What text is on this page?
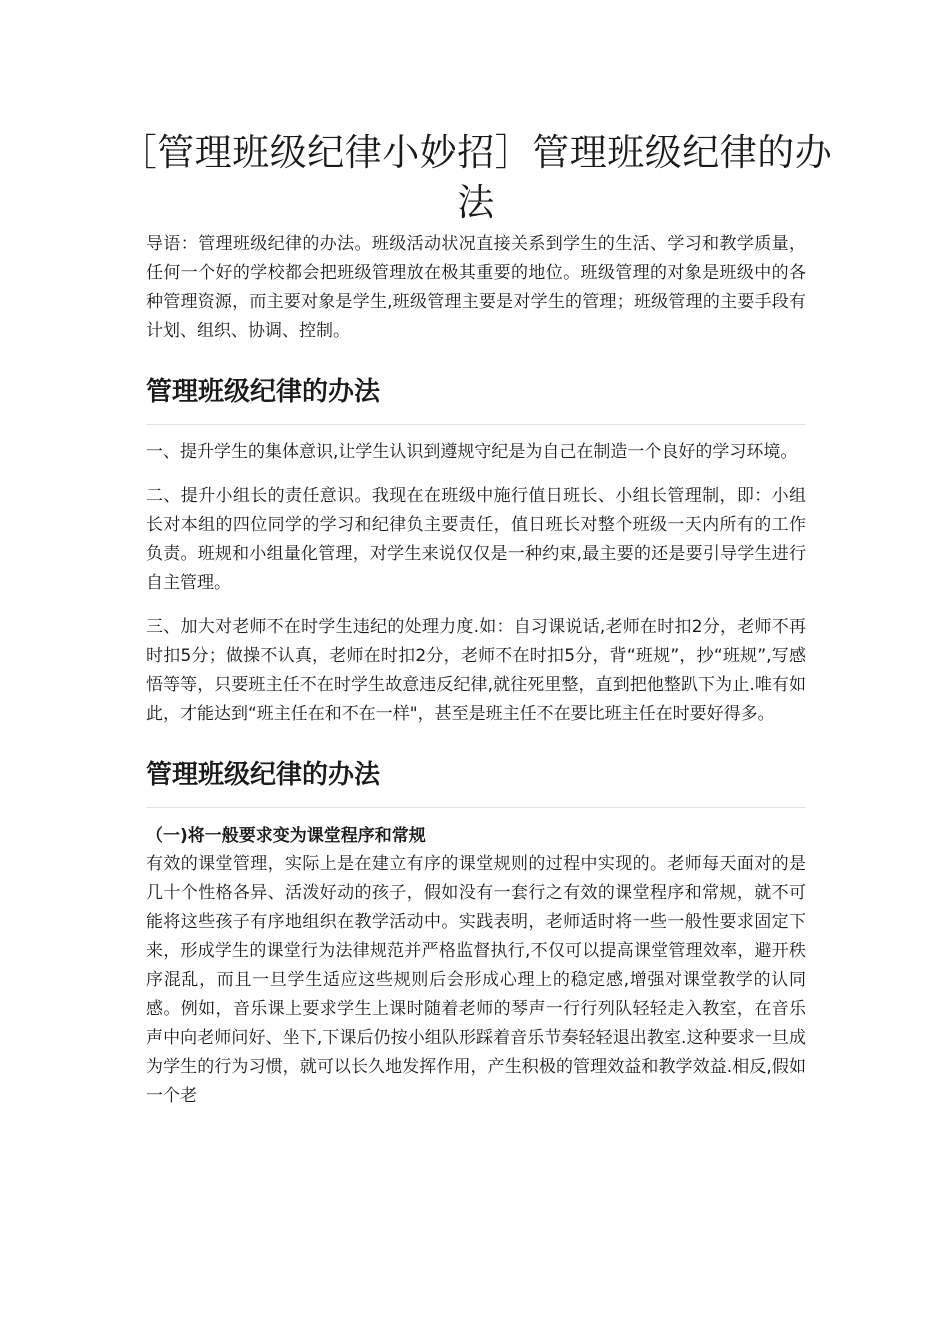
［管理班级纪律小妙招］管理班级纪律的办法

导语：管理班级纪律的办法。班级活动状况直接关系到学生的生活、学习和教学质量，任何一个好的学校都会把班级管理放在极其重要的地位。班级管理的对象是班级中的各种管理资源，而主要对象是学生,班级管理主要是对学生的管理；班级管理的主要手段有计划、组织、协调、控制。

管理班级纪律的办法

一、提升学生的集体意识,让学生认识到遵规守纪是为自己在制造一个良好的学习环境。

二、提升小组长的责任意识。我现在在班级中施行值日班长、小组长管理制，即：小组长对本组的四位同学的学习和纪律负主要责任，值日班长对整个班级一天内所有的工作负责。班规和小组量化管理，对学生来说仅仅是一种约束,最主要的还是要引导学生进行自主管理。

三、加大对老师不在时学生违纪的处理力度.如：自习课说话,老师在时扣2分，老师不再时扣5分；做操不认真，老师在时扣2分，老师不在时扣5分，背“班规”，抄“班规”,写感悟等等，只要班主任不在时学生故意违反纪律,就往死里整，直到把他整趴下为止.唯有如此，才能达到“班主任在和不在一样"，甚至是班主任不在要比班主任在时要好得多。

管理班级纪律的办法
（一)将一般要求变为课堂程序和常规

有效的课堂管理，实际上是在建立有序的课堂规则的过程中实现的。老师每天面对的是几十个性格各异、活泼好动的孩子，假如没有一套行之有效的课堂程序和常规，就不可能将这些孩子有序地组织在教学活动中。实践表明，老师适时将一些一般性要求固定下来，形成学生的课堂行为法律规范并严格监督执行,不仅可以提高课堂管理效率，避开秩序混乱，而且一旦学生适应这些规则后会形成心理上的稳定感,增强对课堂教学的认同感。例如，音乐课上要求学生上课时随着老师的琴声一行行列队轻轻走入教室，在音乐声中向老师问好、坐下,下课后仍按小组队形踩着音乐节奏轻轻退出教室.这种要求一旦成为学生的行为习惯，就可以长久地发挥作用，产生积极的管理效益和教学效益.相反,假如一个老
